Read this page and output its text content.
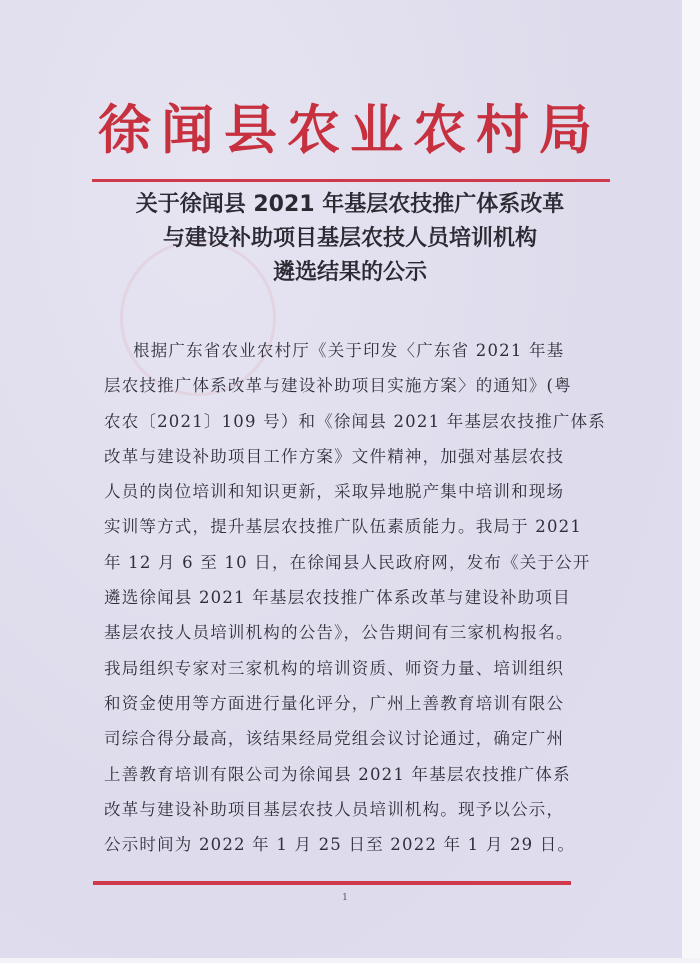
徐闻县农业农村局
关于徐闻县 2021 年基层农技推广体系改革
与建设补助项目基层农技人员培训机构
遴选结果的公示
根据广东省农业农村厅《关于印发〈广东省 2021 年基
层农技推广体系改革与建设补助项目实施方案〉的通知》(粤
农农〔2021〕109 号）和《徐闻县 2021 年基层农技推广体系
改革与建设补助项目工作方案》文件精神，加强对基层农技
人员的岗位培训和知识更新，采取异地脱产集中培训和现场
实训等方式，提升基层农技推广队伍素质能力。我局于 2021
年 12 月 6 至 10 日，在徐闻县人民政府网，发布《关于公开
遴选徐闻县 2021 年基层农技推广体系改革与建设补助项目
基层农技人员培训机构的公告》，公告期间有三家机构报名。
我局组织专家对三家机构的培训资质、师资力量、培训组织
和资金使用等方面进行量化评分，广州上善教育培训有限公
司综合得分最高，该结果经局党组会议讨论通过，确定广州
上善教育培训有限公司为徐闻县 2021 年基层农技推广体系
改革与建设补助项目基层农技人员培训机构。现予以公示，
公示时间为 2022 年 1 月 25 日至 2022 年 1 月 29 日。
1
